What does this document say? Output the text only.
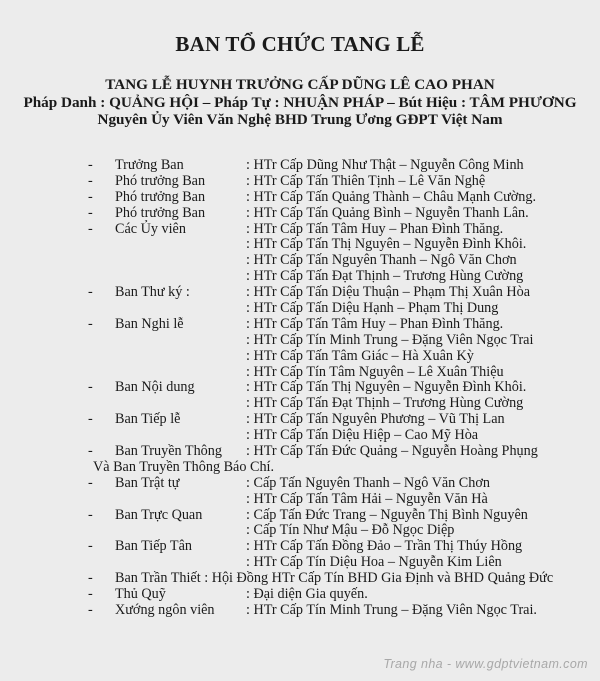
BAN TỔ CHỨC TANG LỄ
TANG LỄ HUYNH TRƯỞNG CẤP DŨNG LÊ CAO PHAN
Pháp Danh : QUẢNG HỘI – Pháp Tự : NHUẬN PHÁP – Bút Hiệu : TÂM PHƯƠNG
Nguyên Ủy Viên Văn Nghệ BHD Trung Ương GĐPT Việt Nam
- Trưởng Ban	: HTr Cấp Dũng Như Thật – Nguyễn Công Minh
- Phó trưởng Ban	: HTr Cấp Tấn Thiên Tịnh – Lê Văn Nghệ
- Phó trưởng Ban	: HTr Cấp Tấn Quảng Thành – Châu Mạnh Cường.
- Phó trưởng Ban	: HTr Cấp Tấn Quảng Bình – Nguyễn Thanh Lân.
- Các Ủy viên	: HTr Cấp Tấn Tâm Huy – Phan Đình Thăng.
: HTr Cấp Tấn Thị Nguyên – Nguyễn Đình Khôi.
: HTr Cấp Tấn Nguyên Thanh – Ngô Văn Chơn
: HTr Cấp Tấn Đạt Thịnh – Trương Hùng Cường
- Ban Thư ký :	: HTr Cấp Tấn Diệu Thuận – Phạm Thị Xuân Hòa
: HTr Cấp Tấn Diệu Hạnh – Phạm Thị Dung
- Ban Nghi lễ	: HTr Cấp Tấn Tâm Huy – Phan Đình Thăng.
: HTr Cấp Tín Minh Trung – Đặng Viên Ngọc Trai
: HTr Cấp Tấn Tâm Giác – Hà Xuân Kỳ
: HTr Cấp Tín Tâm Nguyên – Lê Xuân Thiệu
- Ban Nội dung	: HTr Cấp Tấn Thị Nguyên – Nguyễn Đình Khôi.
: HTr Cấp Tấn Đạt Thịnh – Trương Hùng Cường
- Ban Tiếp lễ	: HTr Cấp Tấn Nguyên Phương – Vũ Thị Lan
: HTr Cấp Tấn Diệu Hiệp – Cao Mỹ Hòa
- Ban Truyền Thông : HTr Cấp Tấn Đức Quảng – Nguyễn Hoàng Phụng
Và Ban Truyền Thông Báo Chí.
- Ban Trật tự	: Cấp Tấn Nguyên Thanh – Ngô Văn Chơn
: HTr Cấp Tấn Tâm Hải – Nguyễn Văn Hà
- Ban Trực Quan	: Cấp Tấn Đức Trang – Nguyễn Thị Bình Nguyên
: Cấp Tín Như Mậu – Đỗ Ngọc Diệp
- Ban Tiếp Tân	: HTr Cấp Tấn Đồng Đảo – Trần Thị Thúy Hồng
: HTr Cấp Tín Diệu Hoa – Nguyễn Kim Liên
- Ban Trần Thiết : Hội Đồng HTr Cấp Tín BHD Gia Định và BHD Quảng Đức
- Thủ Quỹ	: Đại diện Gia quyến.
- Xướng ngôn viên : HTr Cấp Tín Minh Trung – Đặng Viên Ngọc Trai.
Trang nha - www.gdptvietnam.com
